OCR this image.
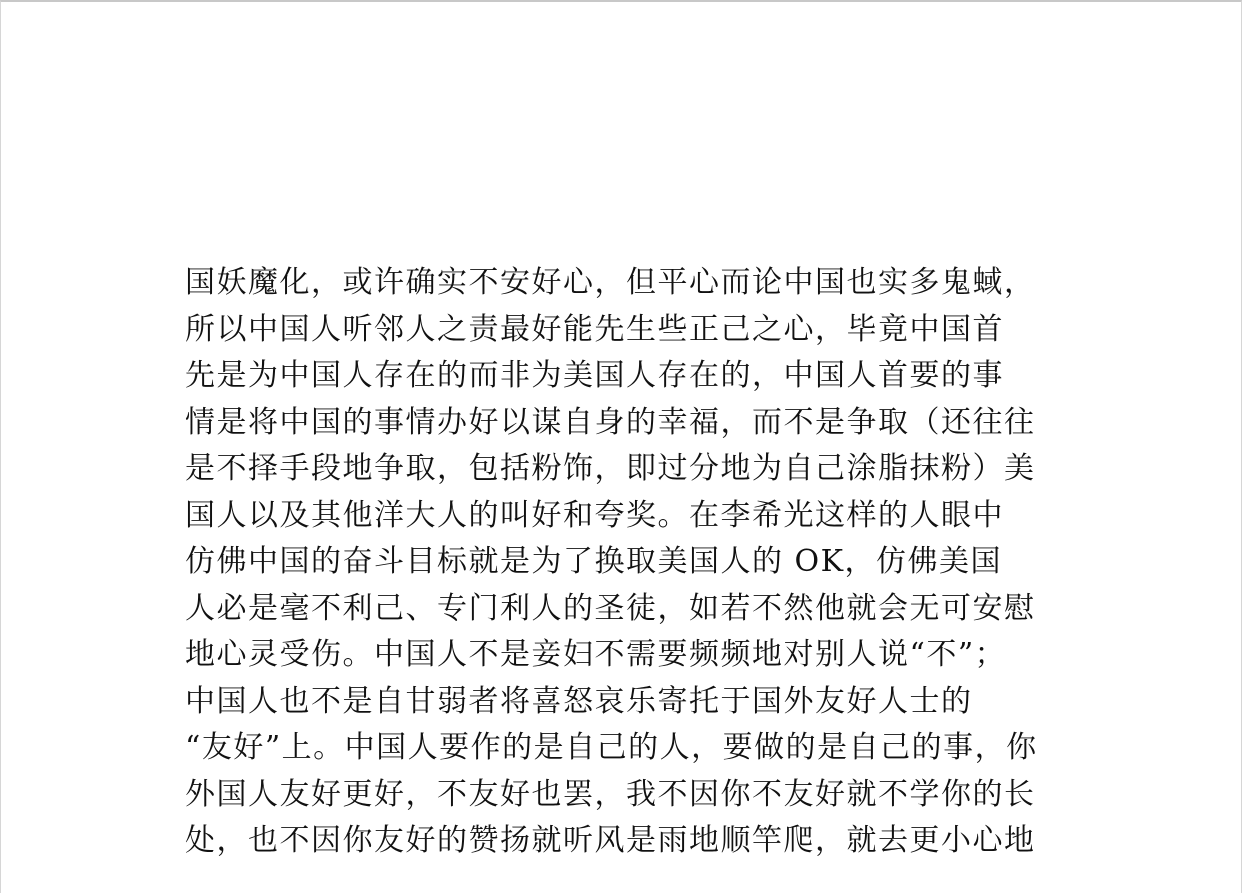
国妖魔化，或许确实不安好心，但平心而论中国也实多鬼蜮，
所以中国人听邻人之责最好能先生些正己之心，毕竟中国首
先是为中国人存在的而非为美国人存在的，中国人首要的事
情是将中国的事情办好以谋自身的幸福，而不是争取（还往往
是不择手段地争取，包括粉饰，即过分地为自己涂脂抹粉）美
国人以及其他洋大人的叫好和夸奖。在李希光这样的人眼中
仿佛中国的奋斗目标就是为了换取美国人的 OK，仿佛美国
人必是毫不利己、专门利人的圣徒，如若不然他就会无可安慰
地心灵受伤。中国人不是妾妇不需要频频地对别人说“不”；
中国人也不是自甘弱者将喜怒哀乐寄托于国外友好人士的
“友好”上。中国人要作的是自己的人，要做的是自己的事，你
外国人友好更好，不友好也罢，我不因你不友好就不学你的长
处，也不因你友好的赞扬就听风是雨地顺竿爬，就去更小心地
